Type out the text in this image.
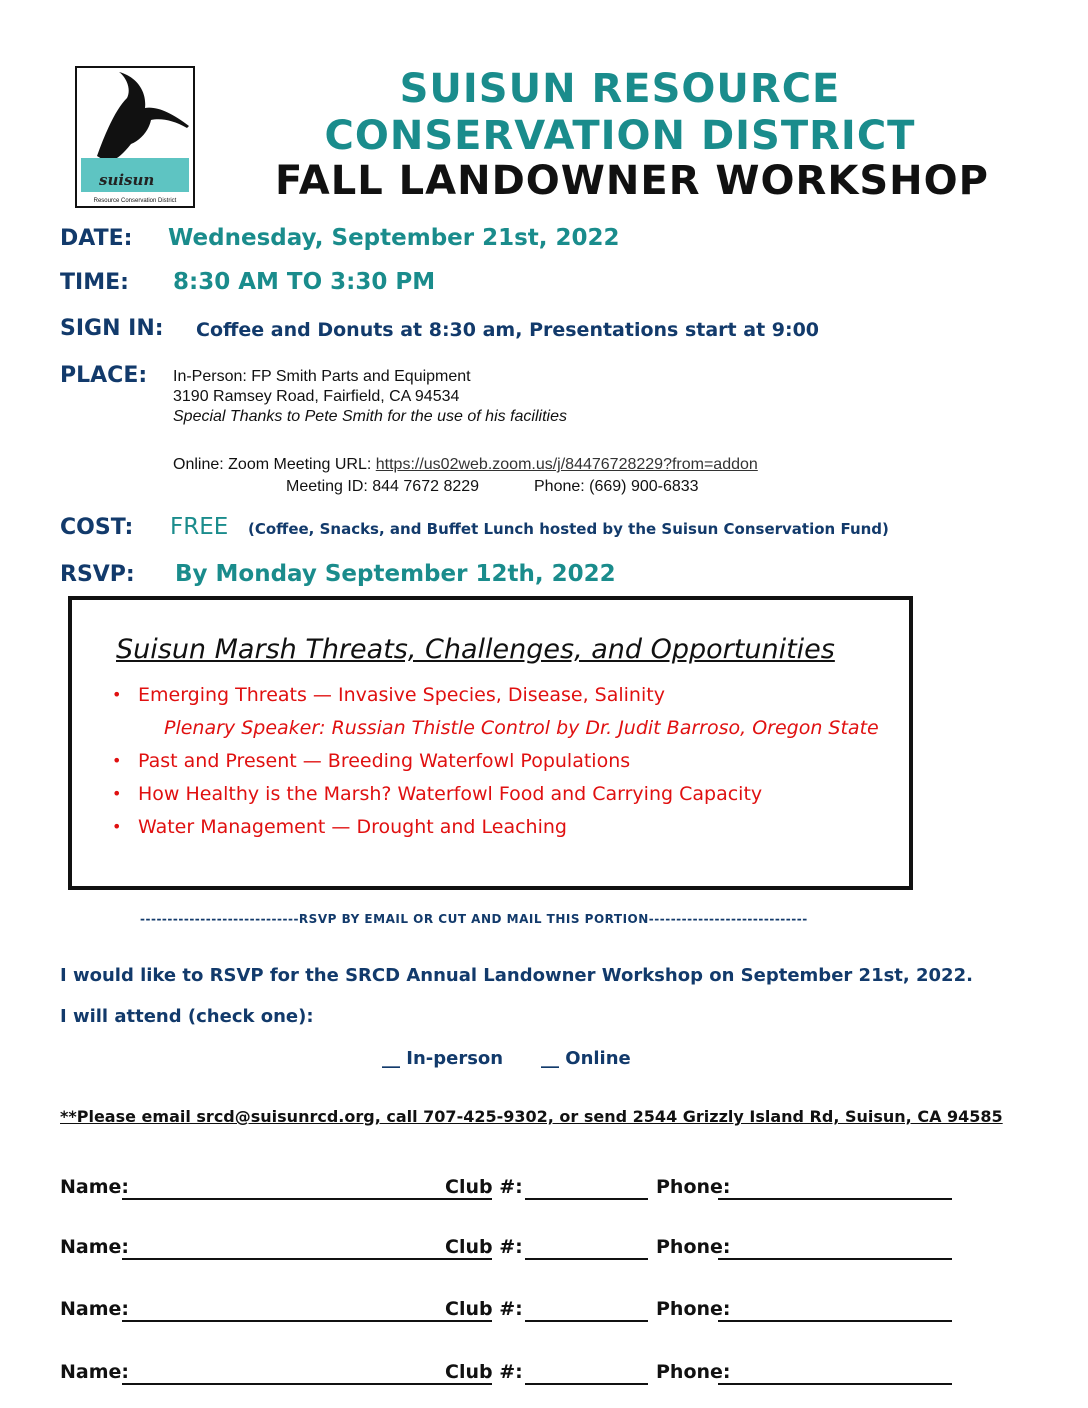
suisun
Resource Conservation District
SUISUN RESOURCE
CONSERVATION DISTRICT
FALL LANDOWNER WORKSHOP
DATE: Wednesday, September 21st, 2022
TIME: 8:30 AM TO 3:30 PM
SIGN IN: Coffee and Donuts at 8:30 am, Presentations start at 9:00
PLACE: In-Person: FP Smith Parts and Equipment
3190 Ramsey Road, Fairfield, CA 94534
Special Thanks to Pete Smith for the use of his facilities
Online: Zoom Meeting URL: https://us02web.zoom.us/j/84476728229?from=addon
Meeting ID: 844 7672 8229	Phone: (669) 900-6833
COST: FREE (Coffee, Snacks, and Buffet Lunch hosted by the Suisun Conservation Fund)
RSVP: By Monday September 12th, 2022
Suisun Marsh Threats, Challenges, and Opportunities
• Emerging Threats — Invasive Species, Disease, Salinity
Plenary Speaker: Russian Thistle Control by Dr. Judit Barroso, Oregon State
• Past and Present — Breeding Waterfowl Populations
• How Healthy is the Marsh? Waterfowl Food and Carrying Capacity
• Water Management — Drought and Leaching
-----------------------------RSVP BY EMAIL OR CUT AND MAIL THIS PORTION-----------------------------
I would like to RSVP for the SRCD Annual Landowner Workshop on September 21st, 2022.
I will attend (check one):
__ In-person __ Online
**Please email srcd@suisunrcd.org, call 707-425-9302, or send 2544 Grizzly Island Rd, Suisun, CA 94585
Name:	Club #:	Phone:
Name:	Club #:	Phone:
Name:	Club #:	Phone:
Name:	Club #:	Phone:
